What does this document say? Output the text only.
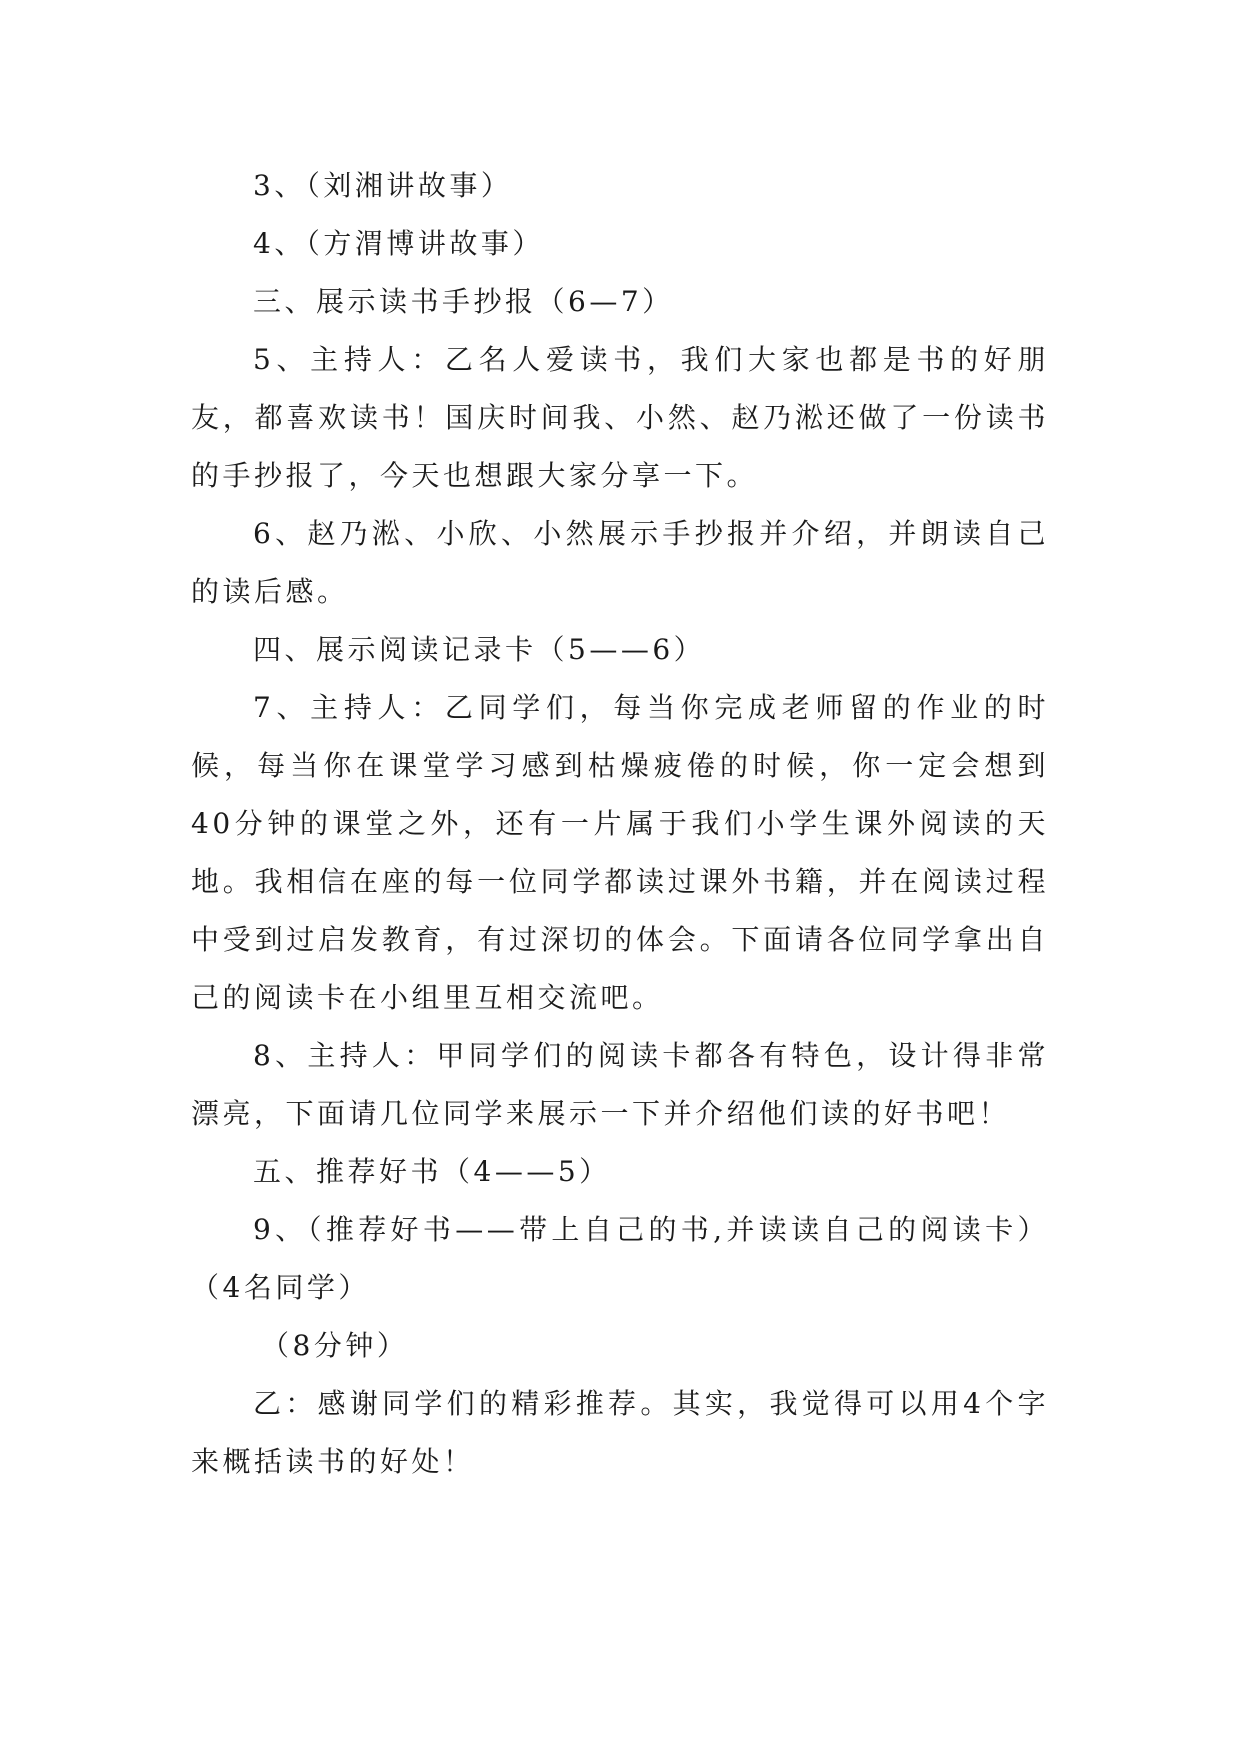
3、（刘湘讲故事）

4、（方渭博讲故事）

三、展示读书手抄报（6—7）

5、主持人：乙名人爱读书，我们大家也都是书的好朋友，都喜欢读书！国庆时间我、小然、赵乃淞还做了一份读书的手抄报了，今天也想跟大家分享一下。

6、赵乃淞、小欣、小然展示手抄报并介绍，并朗读自己的读后感。

四、展示阅读记录卡（5——6）

7、主持人：乙同学们，每当你完成老师留的作业的时候，每当你在课堂学习感到枯燥疲倦的时候，你一定会想到40分钟的课堂之外，还有一片属于我们小学生课外阅读的天地。我相信在座的每一位同学都读过课外书籍，并在阅读过程中受到过启发教育，有过深切的体会。下面请各位同学拿出自己的阅读卡在小组里互相交流吧。

8、主持人：甲同学们的阅读卡都各有特色，设计得非常漂亮，下面请几位同学来展示一下并介绍他们读的好书吧！

五、推荐好书（4——5）

9、（推荐好书——带上自己的书,并读读自己的阅读卡）（4名同学）

（8分钟）

乙：感谢同学们的精彩推荐。其实，我觉得可以用4个字来概括读书的好处！
